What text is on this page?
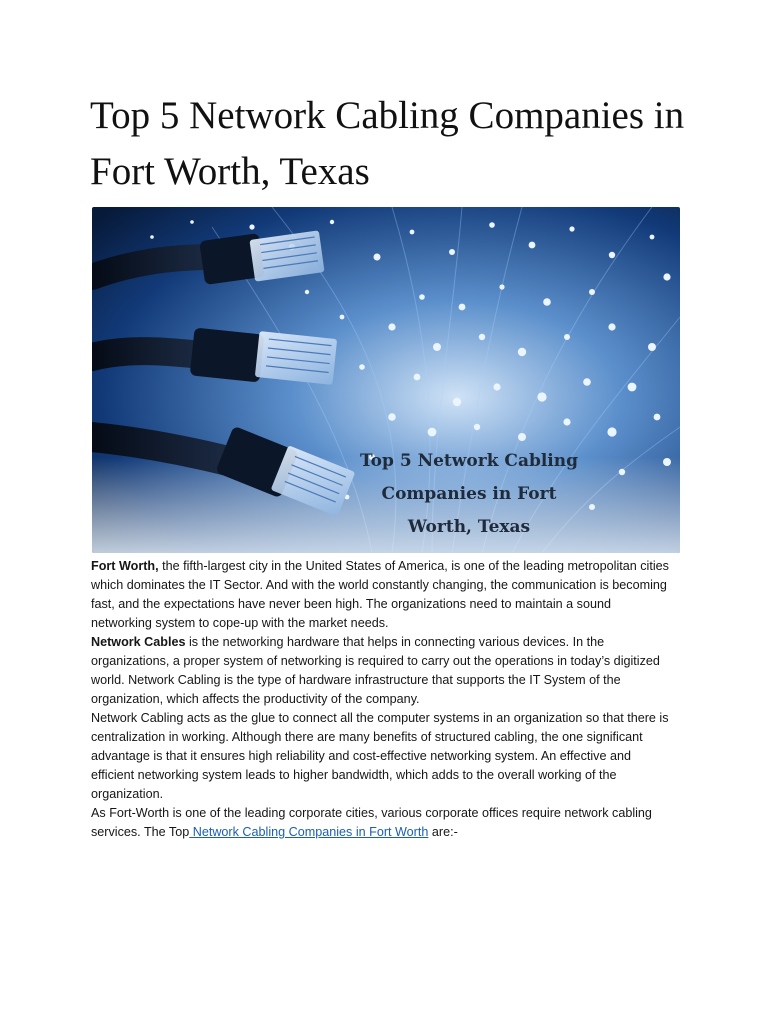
Top 5 Network Cabling Companies in Fort Worth, Texas
Top 5 Network Cabling
Companies in Fort
Worth, Texas

Fort Worth, the fifth-largest city in the United States of America, is one of the leading metropolitan cities which dominates the IT Sector. And with the world constantly changing, the communication is becoming fast, and the expectations have never been high. The organizations need to maintain a sound networking system to cope-up with the market needs.

Network Cables is the networking hardware that helps in connecting various devices. In the organizations, a proper system of networking is required to carry out the operations in today’s digitized world. Network Cabling is the type of hardware infrastructure that supports the IT System of the organization, which affects the productivity of the company.

Network Cabling acts as the glue to connect all the computer systems in an organization so that there is centralization in working. Although there are many benefits of structured cabling, the one significant advantage is that it ensures high reliability and cost-effective networking system. An effective and efficient networking system leads to higher bandwidth, which adds to the overall working of the organization.

As Fort-Worth is one of the leading corporate cities, various corporate offices require network cabling services. The Top Network Cabling Companies in Fort Worth are:-
